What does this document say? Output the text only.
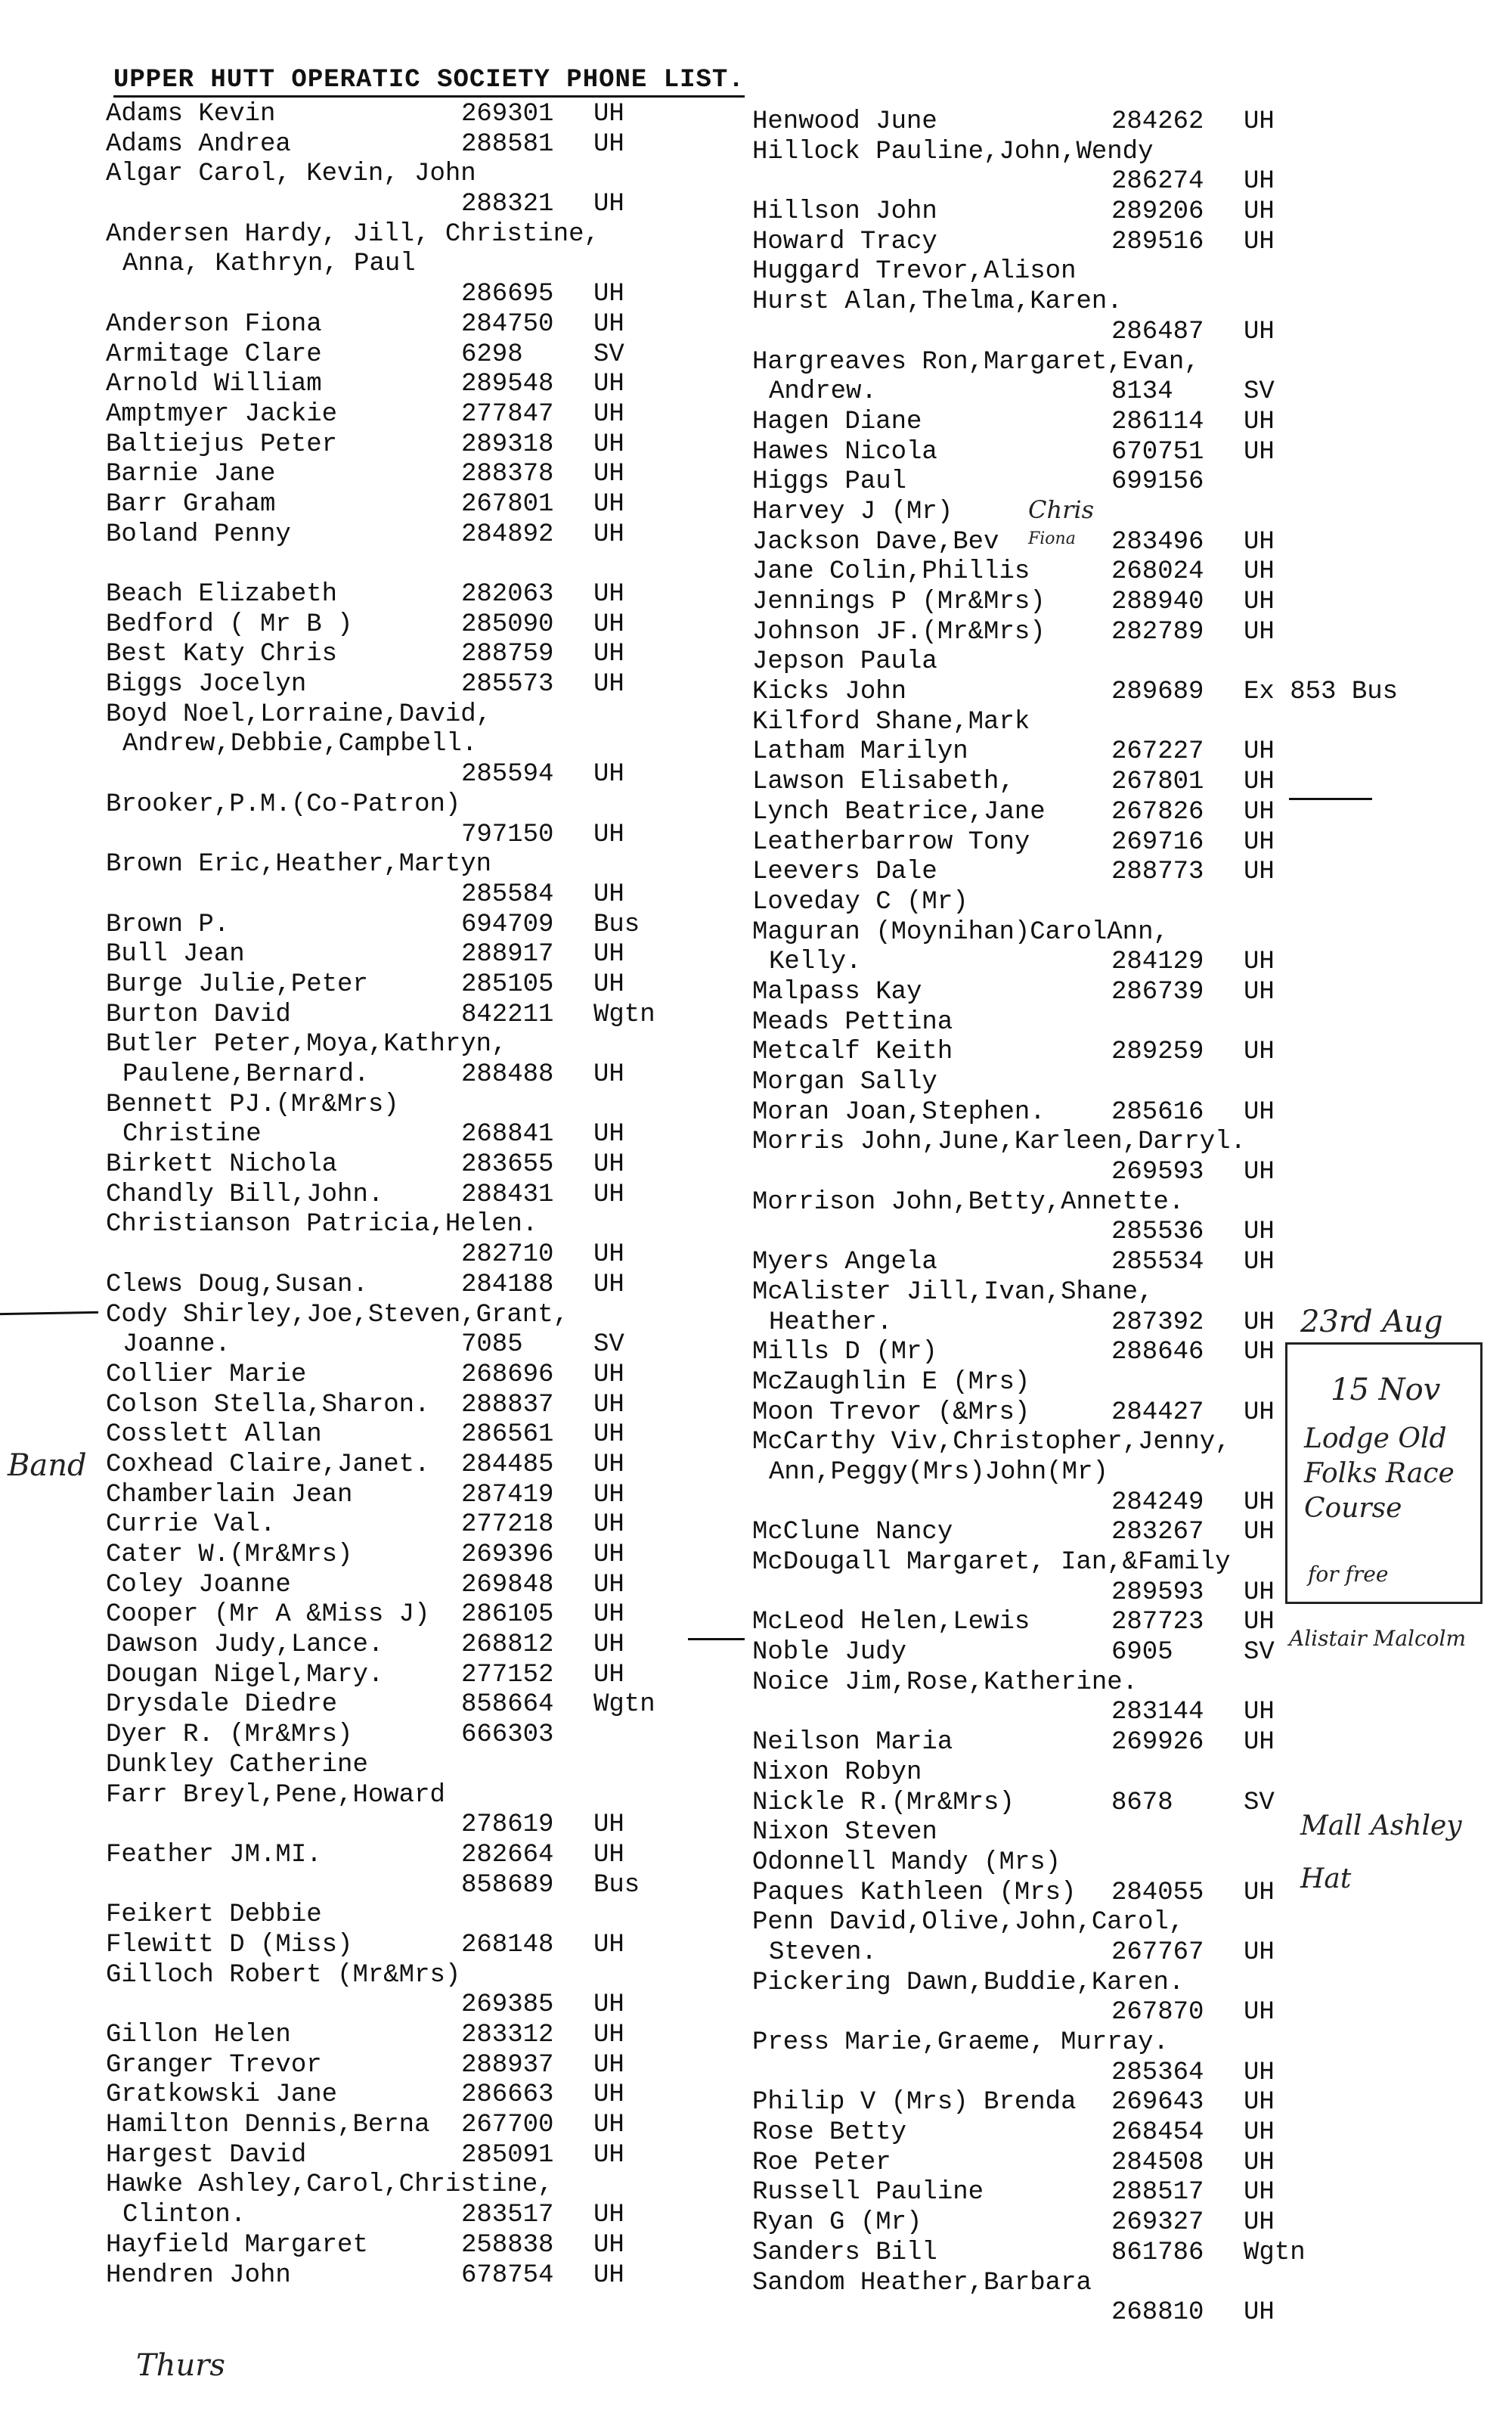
UPPER HUTT OPERATIC SOCIETY PHONE LIST.
Adams Kevin	269301 UH
Adams Andrea	288581 UH
Algar Carol, Kevin, John
288321 UH
Andersen Hardy, Jill, Christine,
Anna, Kathryn, Paul
286695 UH
Anderson Fiona	284750 UH
Armitage Clare	6298	SV
Arnold William	289548 UH
Amptmyer Jackie	277847 UH
Baltiejus Peter	289318 UH
Barnie Jane	288378 UH
Barr Graham	267801 UH
Boland Penny	284892 UH
Beach Elizabeth	282063 UH
Bedford ( Mr B )	285090 UH
Best Katy Chris	288759 UH
Biggs Jocelyn	285573 UH
Boyd Noel,Lorraine,David,
Andrew,Debbie,Campbell.
285594 UH
Brooker,P.M.(Co-Patron)
797150 UH
Brown Eric,Heather,Martyn
285584 UH
Brown P.	694709 Bus
Bull Jean	288917 UH
Burge Julie,Peter	285105 UH
Burton David	842211 Wgtn
Butler Peter,Moya,Kathryn,
Paulene,Bernard.	288488 UH
Bennett PJ.(Mr&Mrs)
Christine	268841 UH
Birkett Nichola	283655 UH
Chandly Bill,John.	288431 UH
Christianson Patricia,Helen.
282710 UH
Clews Doug,Susan.	284188 UH
Cody Shirley,Joe,Steven,Grant,
Joanne.	7085	SV
Collier Marie	268696 UH
Colson Stella,Sharon. 288837 UH
Cosslett Allan	286561 UH
Coxhead Claire,Janet. 284485 UH
Chamberlain Jean	287419 UH
Currie Val.	277218 UH
Cater W.(Mr&Mrs)	269396 UH
Coley Joanne	269848 UH
Cooper (Mr A &Miss J) 286105 UH
Dawson Judy,Lance.	268812 UH
Dougan Nigel,Mary.	277152 UH
Drysdale Diedre	858664 Wgtn
Dyer R. (Mr&Mrs)	666303
Dunkley Catherine
Farr Breyl,Pene,Howard
278619 UH
Feather JM.MI.	282664 UH
858689 Bus
Feikert Debbie
Flewitt D (Miss)	268148 UH
Gilloch Robert (Mr&Mrs)
269385 UH
Gillon Helen	283312 UH
Granger Trevor	288937 UH
Gratkowski Jane	286663 UH
Hamilton Dennis,Berna 267700 UH
Hargest David	285091 UH
Hawke Ashley,Carol,Christine,
Clinton.	283517 UH
Hayfield Margaret	258838 UH
Hendren John	678754 UH
Henwood June	284262 UH
Hillock Pauline,John,Wendy
286274 UH
Hillson John	289206 UH
Howard Tracy	289516 UH
Huggard Trevor,Alison
Hurst Alan,Thelma,Karen.
286487 UH
Hargreaves Ron,Margaret,Evan,
Andrew.	8134	SV
Hagen Diane	286114 UH
Hawes Nicola	670751 UH
Higgs Paul	699156
Harvey J (Mr)
Jackson Dave,Bev	283496 UH
Jane Colin,Phillis	268024 UH
Jennings P (Mr&Mrs)	288940 UH
Johnson JF.(Mr&Mrs)	282789 UH
Jepson Paula
Kicks John	289689 Ex 853 Bus
Kilford Shane,Mark
Latham Marilyn	267227 UH
Lawson Elisabeth,	267801 UH
Lynch Beatrice,Jane	267826 UH
Leatherbarrow Tony	269716 UH
Leevers Dale	288773 UH
Loveday C (Mr)
Maguran (Moynihan)CarolAnn,
Kelly.	284129 UH
Malpass Kay	286739 UH
Meads Pettina
Metcalf Keith	289259 UH
Morgan Sally
Moran Joan,Stephen.	285616 UH
Morris John,June,Karleen,Darryl.
269593 UH
Morrison John,Betty,Annette.
285536 UH
Myers Angela	285534 UH
McAlister Jill,Ivan,Shane,
Heather.	287392 UH
Mills D (Mr)	288646 UH
McZaughlin E (Mrs)
Moon Trevor (&Mrs)	284427 UH
McCarthy Viv,Christopher,Jenny,
Ann,Peggy(Mrs)John(Mr)
284249 UH
McClune Nancy	283267 UH
McDougall Margaret, Ian,&Family
289593 UH
McLeod Helen,Lewis	287723 UH
Noble Judy	6905	SV
Noice Jim,Rose,Katherine.
283144 UH
Neilson Maria	269926 UH
Nixon Robyn
Nickle R.(Mr&Mrs)	8678	SV
Nixon Steven
Odonnell Mandy (Mrs)
Paques Kathleen (Mrs) 284055 UH
Penn David,Olive,John,Carol,
Steven.	267767 UH
Pickering Dawn,Buddie,Karen.
267870 UH
Press Marie,Graeme, Murray.
285364 UH
Philip V (Mrs) Brenda 269643 UH
Rose Betty	268454 UH
Roe Peter	284508 UH
Russell Pauline	288517 UH
Ryan G (Mr)	269327 UH
Sanders Bill	861786 Wgtn
Sandom Heather,Barbara
268810 UH
Chris
Fiona
Band
Alistair Malcolm
23rd Aug
15 Nov
Lodge Old Folks Race Course
for free
Mall Ashley Hat
Thurs
